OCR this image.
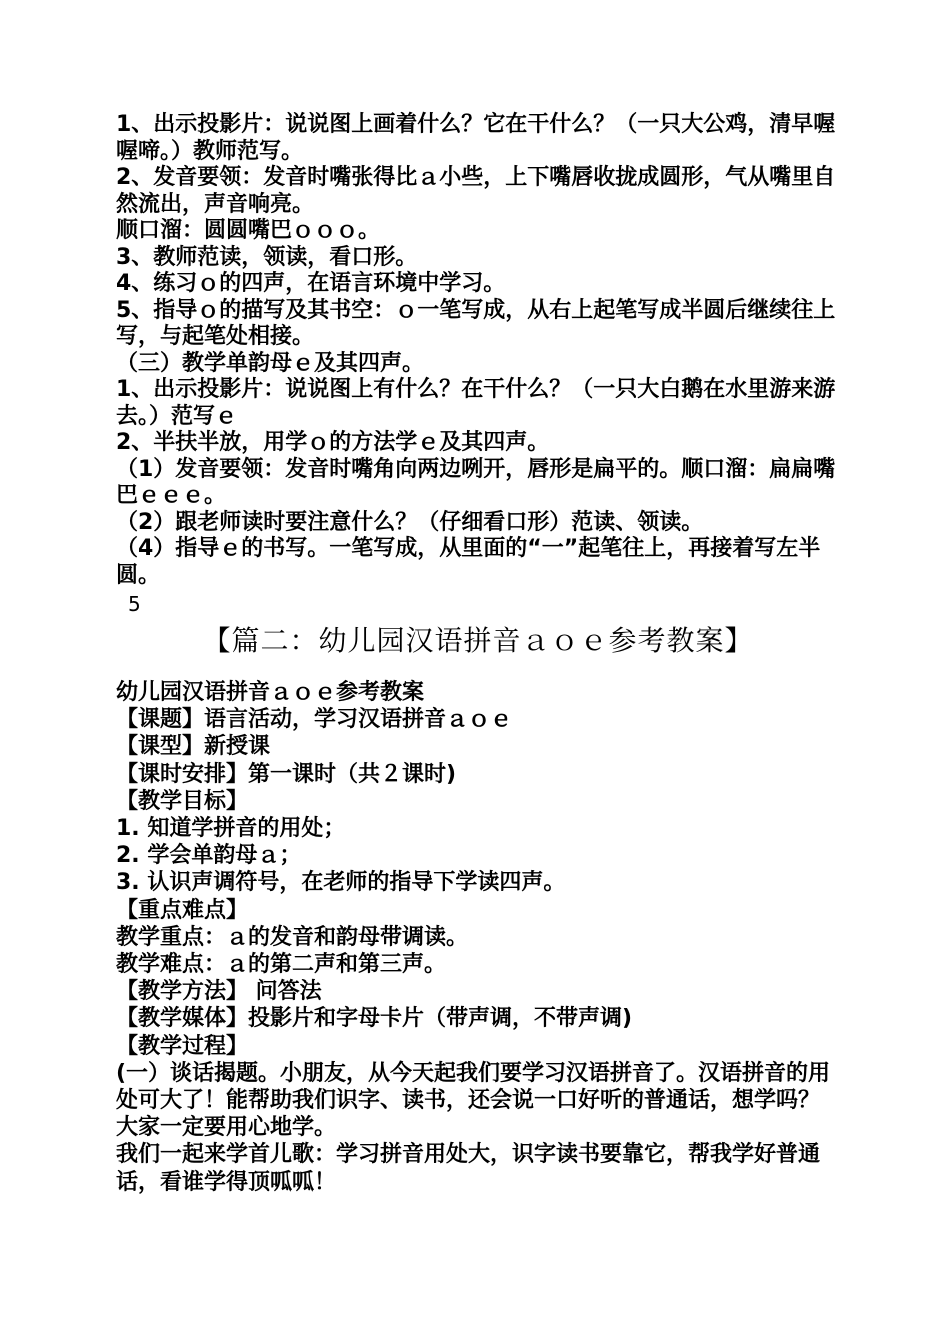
1、出示投影片：说说图上画着什么？它在干什么？（一只大公鸡，清早喔喔啼。）教师范写。

2、发音要领：发音时嘴张得比ａ小些，上下嘴唇收拢成圆形，气从嘴里自然流出，声音响亮。

顺口溜：圆圆嘴巴ｏｏｏ。

3、教师范读，领读，看口形。

4、练习ｏ的四声，在语言环境中学习。

5、指导ｏ的描写及其书空：ｏ一笔写成，从右上起笔写成半圆后继续往上写，与起笔处相接。

（三）教学单韵母ｅ及其四声。

1、出示投影片：说说图上有什么？在干什么？（一只大白鹅在水里游来游去。）范写ｅ

2、半扶半放，用学ｏ的方法学ｅ及其四声。

（1）发音要领：发音时嘴角向两边咧开，唇形是扁平的。顺口溜：扁扁嘴巴ｅｅｅ。

（2）跟老师读时要注意什么？（仔细看口形）范读、领读。

（4）指导ｅ的书写。一笔写成，从里面的“一”起笔往上，再接着写左半圆。

5

【篇二：幼儿园汉语拼音ａｏｅ参考教案】

幼儿园汉语拼音ａｏｅ参考教案

【课题】语言活动，学习汉语拼音ａｏｅ

【课型】新授课

【课时安排】第一课时（共２课时)

【教学目标】

1. 知道学拼音的用处；

2. 学会单韵母ａ；

3. 认识声调符号，在老师的指导下学读四声。

【重点难点】

教学重点：ａ的发音和韵母带调读。

教学难点：ａ的第二声和第三声。

【教学方法】 问答法

【教学媒体】投影片和字母卡片（带声调，不带声调)

【教学过程】

(一）谈话揭题。小朋友，从今天起我们要学习汉语拼音了。汉语拼音的用处可大了！能帮助我们识字、读书，还会说一口好听的普通话，想学吗？大家一定要用心地学。

我们一起来学首儿歌：学习拼音用处大，识字读书要靠它，帮我学好普通话，看谁学得顶呱呱！
